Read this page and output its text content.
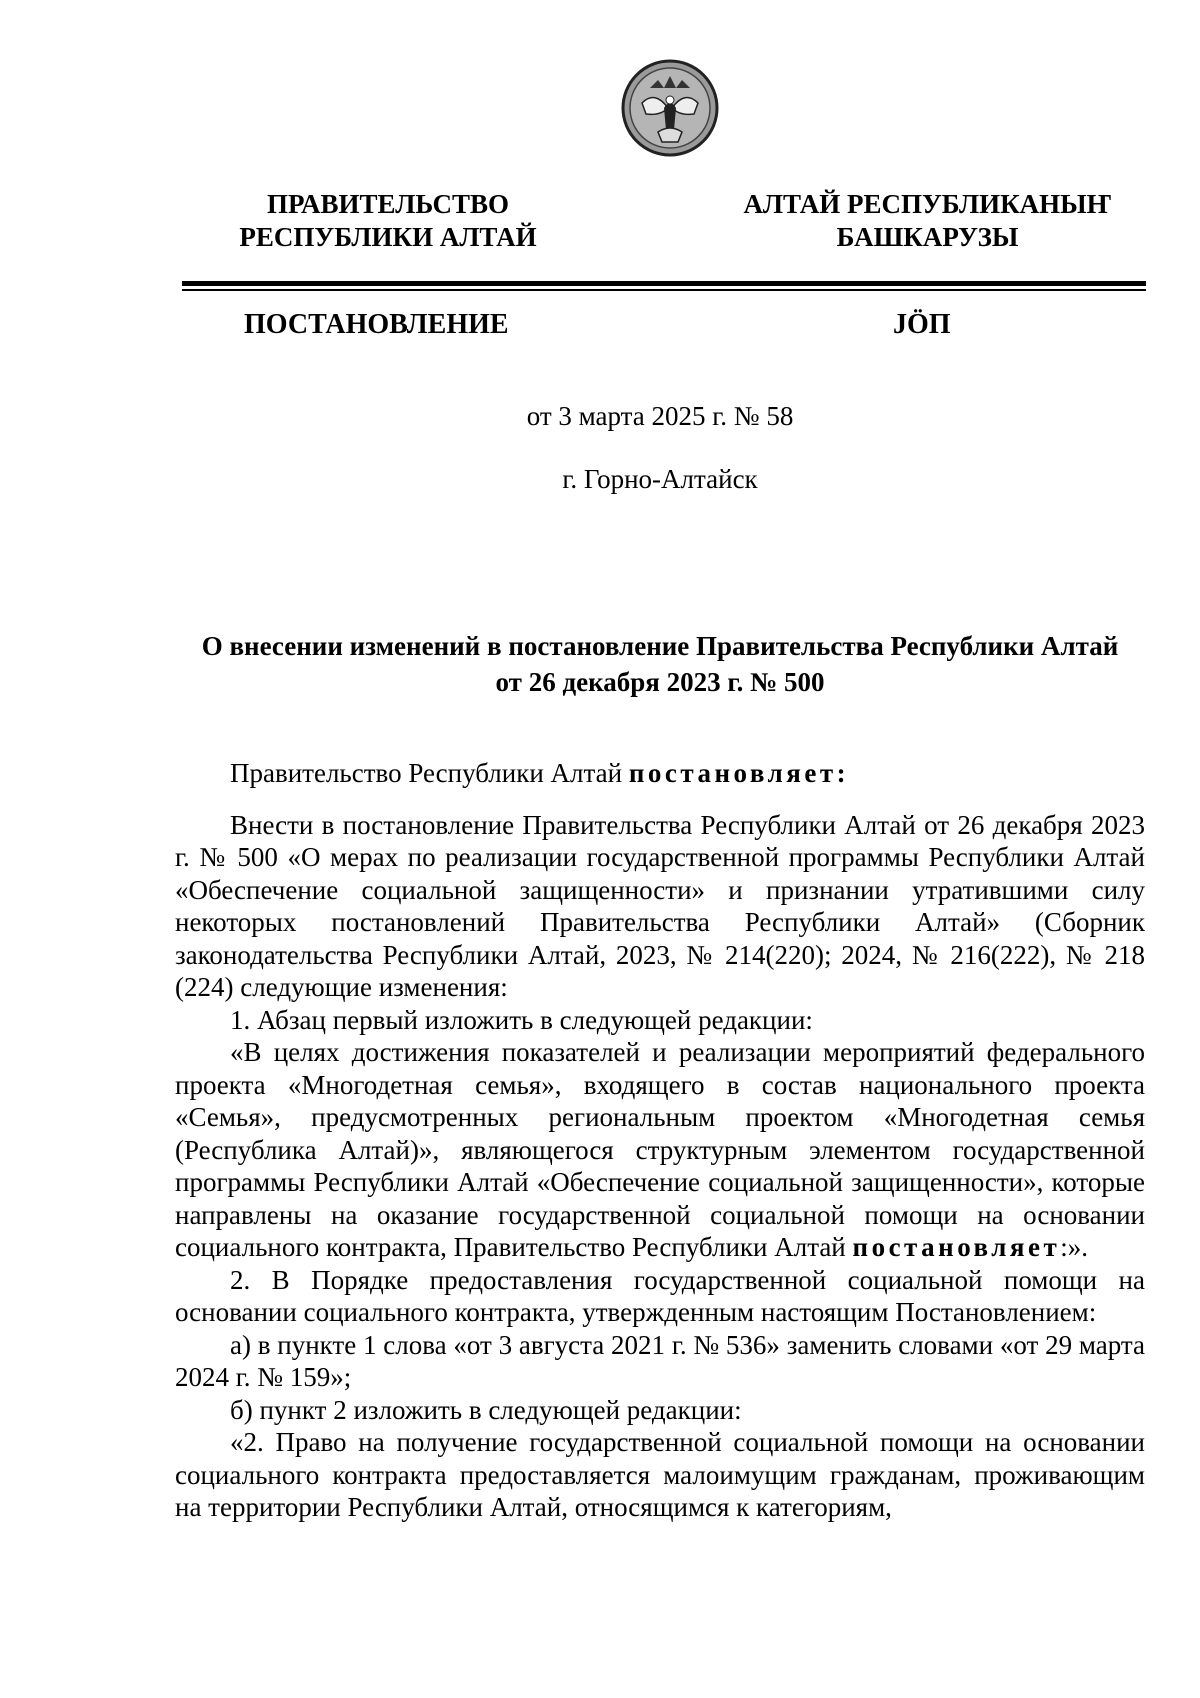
ПРАВИТЕЛЬСТВО
РЕСПУБЛИКИ АЛТАЙ
АЛТАЙ РЕСПУБЛИКАНЫҤ
БАШКАРУЗЫ
ПОСТАНОВЛЕНИЕ	JÖП
от 3 марта 2025 г. № 58
г. Горно-Алтайск
О внесении изменений в постановление Правительства Республики Алтай
от 26 декабря 2023 г. № 500

Правительство Республики Алтай постановляет:

Внести в постановление Правительства Республики Алтай от 26 декабря 2023 г. № 500 «О мерах по реализации государственной программы Республики Алтай «Обеспечение социальной защищенности» и признании утратившими силу некоторых постановлений Правительства Республики Алтай» (Сборник законодательства Республики Алтай, 2023, № 214(220); 2024, № 216(222), № 218 (224) следующие изменения:

1. Абзац первый изложить в следующей редакции:

«В целях достижения показателей и реализации мероприятий федерального проекта «Многодетная семья», входящего в состав национального проекта «Семья», предусмотренных региональным проектом «Многодетная семья (Республика Алтай)», являющегося структурным элементом государственной программы Республики Алтай «Обеспечение социальной защищенности», которые направлены на оказание государственной социальной помощи на основании социального контракта, Правительство Республики Алтай постановляет:».

2. В Порядке предоставления государственной социальной помощи на основании социального контракта, утвержденным настоящим Постановлением:

а) в пункте 1 слова «от 3 августа 2021 г. № 536» заменить словами «от 29 марта 2024 г. № 159»;

б) пункт 2 изложить в следующей редакции:

«2. Право на получение государственной социальной помощи на основании социального контракта предоставляется малоимущим гражданам, проживающим на территории Республики Алтай, относящимся к категориям,
